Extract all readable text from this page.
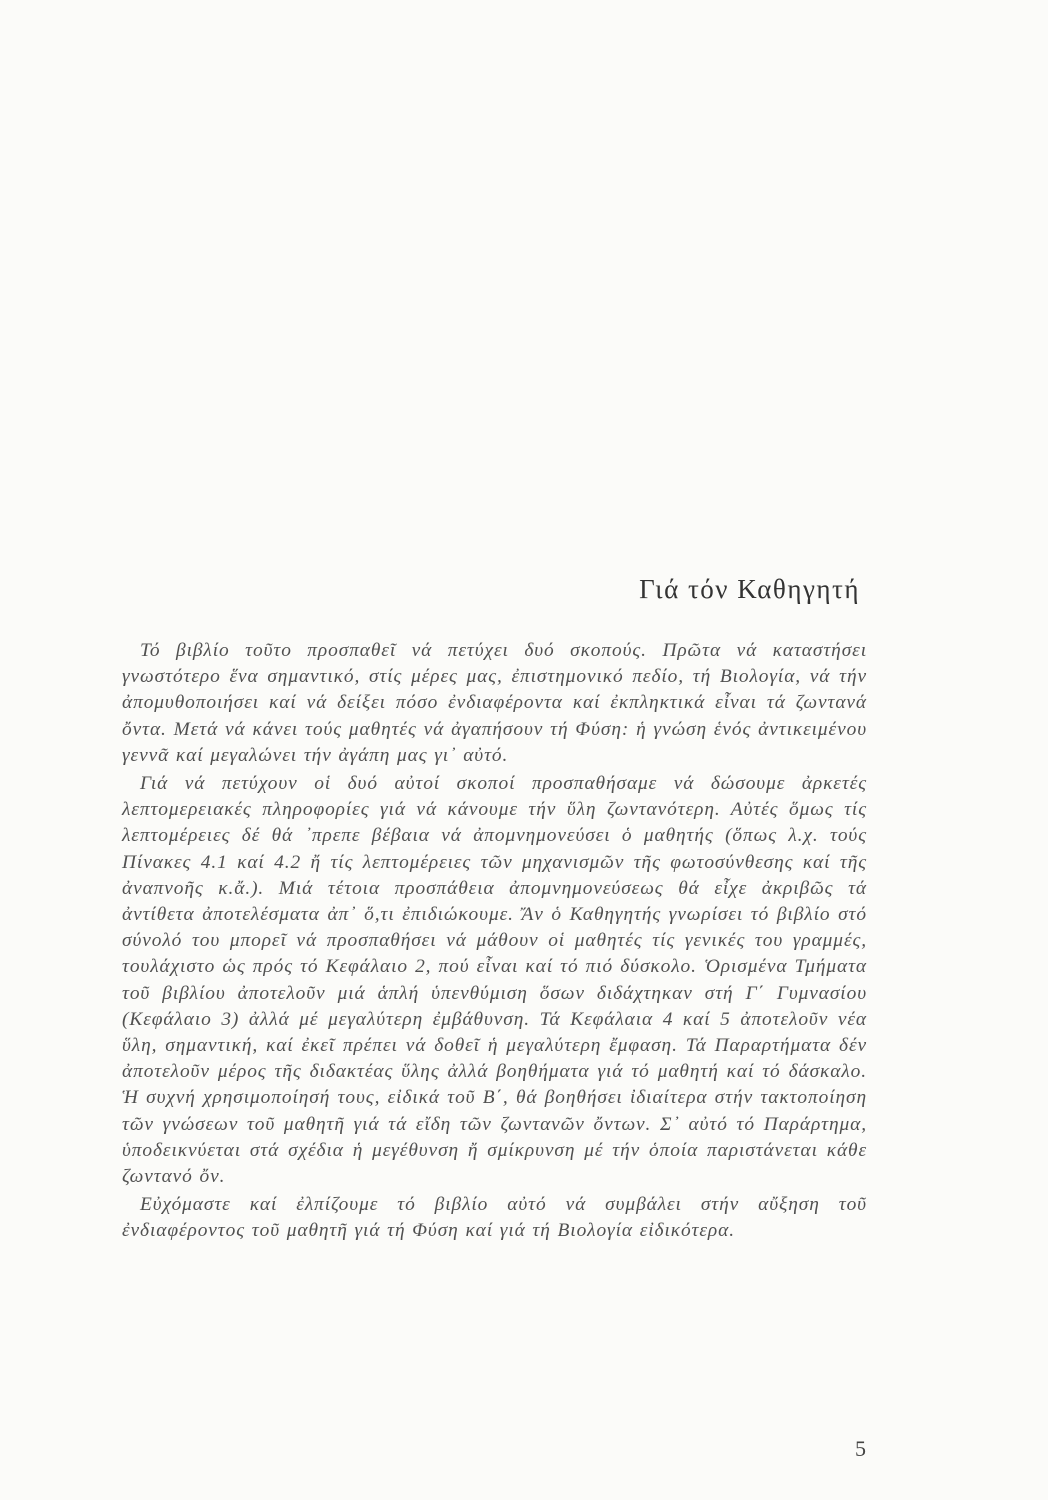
Γιά τόν Καθηγητή

Τό βιβλίο τοῦτο προσπαθεῖ νά πετύχει δυό σκοπούς. Πρῶτα νά καταστήσει γνωστότερο ἕνα σημαντικό, στίς μέρες μας, ἐπιστημονικό πεδίο, τή Βιολογία, νά τήν ἀπομυθοποιήσει καί νά δείξει πόσο ἐνδιαφέροντα καί ἐκπληκτικά εἶναι τά ζωντανά ὄντα. Μετά νά κάνει τούς μαθητές νά ἀγαπήσουν τή Φύση: ἡ γνώση ἑνός ἀντικειμένου γεννᾶ καί μεγαλώνει τήν ἀγάπη μας γι᾽ αὐτό.

Γιά νά πετύχουν οἱ δυό αὐτοί σκοποί προσπαθήσαμε νά δώσουμε ἀρκετές λεπτομερειακές πληροφορίες γιά νά κάνουμε τήν ὕλη ζωντανότερη. Αὐτές ὅμως τίς λεπτομέρειες δέ θά ᾽πρεπε βέβαια νά ἀπομνημονεύσει ὁ μαθητής (ὅπως λ.χ. τούς Πίνακες 4.1 καί 4.2 ἤ τίς λεπτομέρειες τῶν μηχανισμῶν τῆς φωτοσύνθεσης καί τῆς ἀναπνοῆς κ.ἄ.). Μιά τέτοια προσπάθεια ἀπομνημονεύσεως θά εἶχε ἀκριβῶς τά ἀντίθετα ἀποτελέσματα ἀπ᾽ ὅ,τι ἐπιδιώκουμε. Ἄν ὁ Καθηγητής γνωρίσει τό βιβλίο στό σύνολό του μπορεῖ νά προσπαθήσει νά μάθουν οἱ μαθητές τίς γενικές του γραμμές, τουλάχιστο ὡς πρός τό Κεφάλαιο 2, πού εἶναι καί τό πιό δύσκολο. Ὁρισμένα Τμήματα τοῦ βιβλίου ἀποτελοῦν μιά ἁπλή ὑπενθύμιση ὅσων διδάχτηκαν στή Γ΄ Γυμνασίου (Κεφάλαιο 3) ἀλλά μέ μεγαλύτερη ἐμβάθυνση. Τά Κεφάλαια 4 καί 5 ἀποτελοῦν νέα ὕλη, σημαντική, καί ἐκεῖ πρέπει νά δοθεῖ ἡ μεγαλύτερη ἔμφαση. Τά Παραρτήματα δέν ἀποτελοῦν μέρος τῆς διδακτέας ὕλης ἀλλά βοηθήματα γιά τό μαθητή καί τό δάσκαλο. Ἡ συχνή χρησιμοποίησή τους, εἰδικά τοῦ Β΄, θά βοηθήσει ἰδιαίτερα στήν τακτοποίηση τῶν γνώσεων τοῦ μαθητῆ γιά τά εἴδη τῶν ζωντανῶν ὄντων. Σ᾽ αὐτό τό Παράρτημα, ὑποδεικνύεται στά σχέδια ἡ μεγέθυνση ἤ σμίκρυνση μέ τήν ὁποία παριστάνεται κάθε ζωντανό ὄν.

Εὐχόμαστε καί ἐλπίζουμε τό βιβλίο αὐτό νά συμβάλει στήν αὔξηση τοῦ ἐνδιαφέροντος τοῦ μαθητῆ γιά τή Φύση καί γιά τή Βιολογία εἰδικότερα.

5
